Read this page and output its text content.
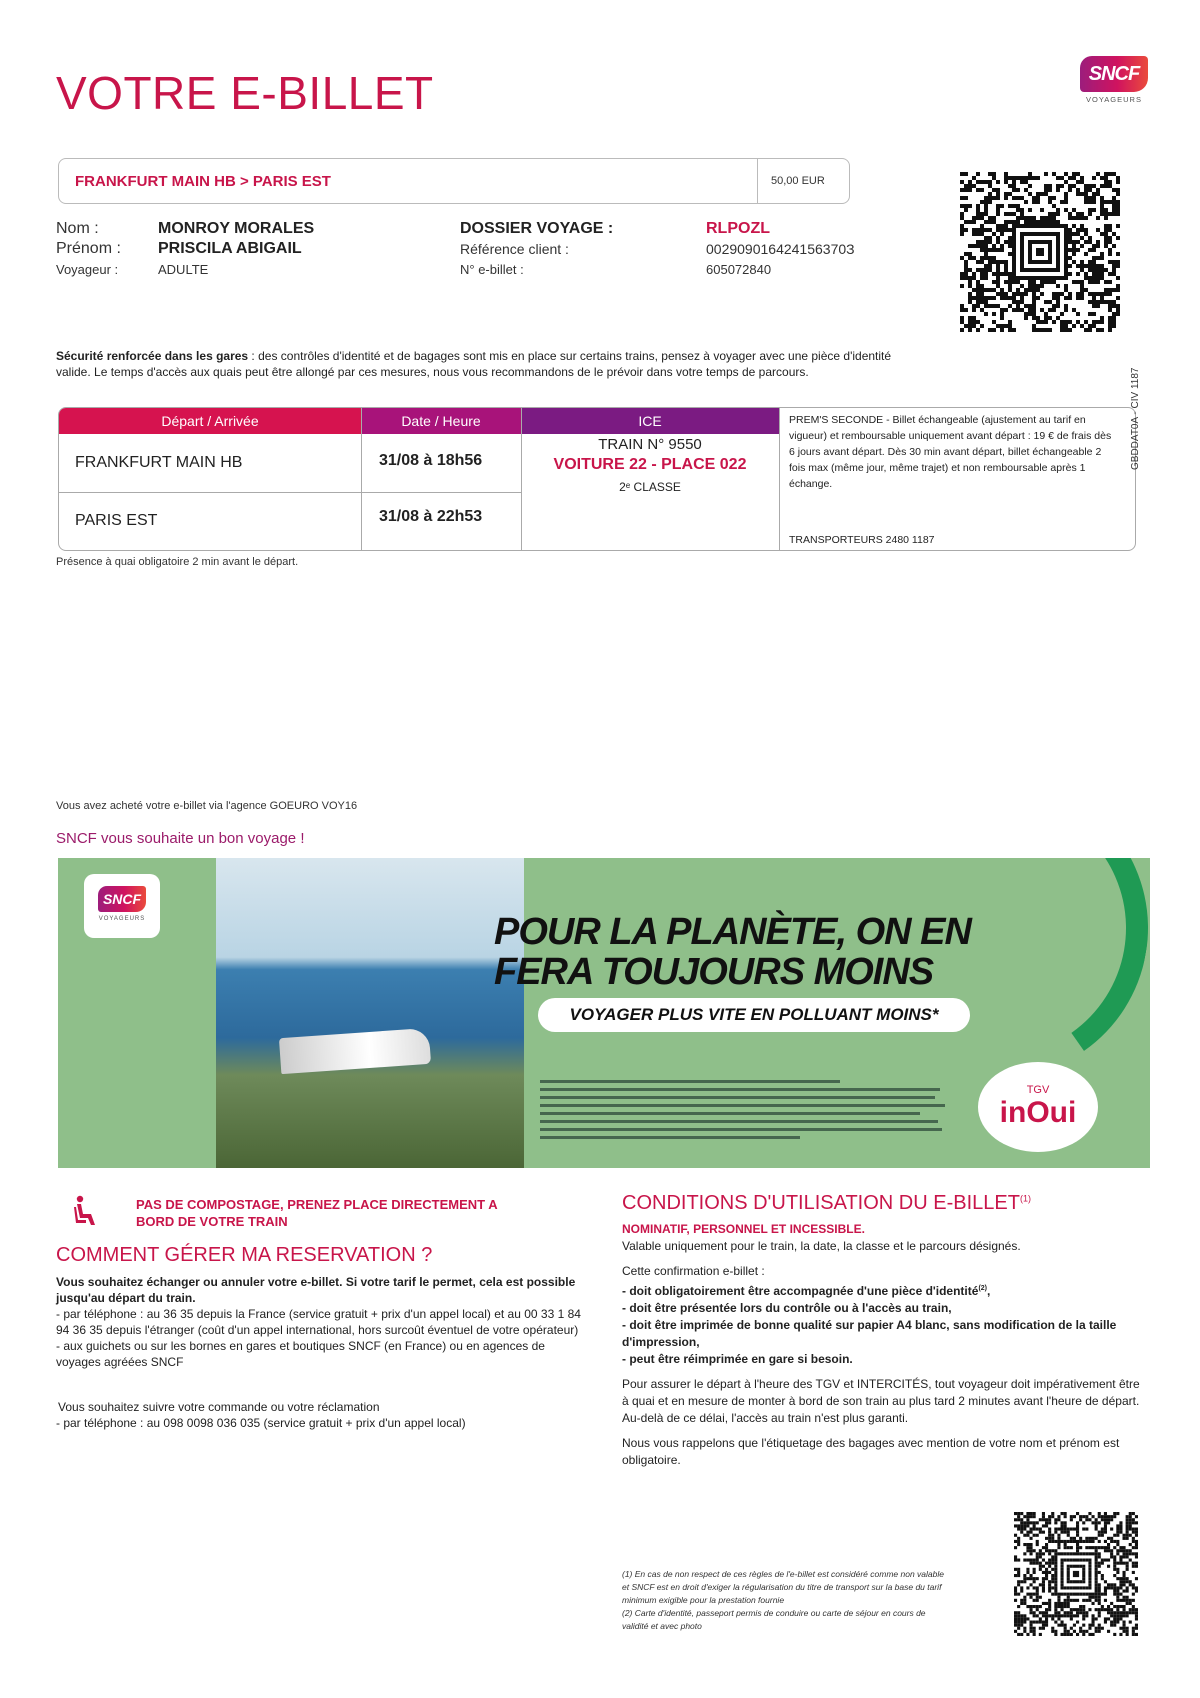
VOTRE E-BILLET	SNCF
VOYAGEURS
FRANKFURT MAIN HB > PARIS EST	50,00 EUR
Nom :	MONROY MORALES
Prénom : PRISCILA ABIGAIL
Voyageur :	ADULTE
DOSSIER VOYAGE :	RLPOZL
Référence client :	002909016424156370З
N° e-billet :	605072840
Sécurité renforcée dans les gares : des contrôles d'identité et de bagages sont mis en place sur certains trains, pensez à voyager avec une pièce d'identité valide. Le temps d'accès aux quais peut être allongé par ces mesures, nous vous recommandons de le prévoir dans votre temps de parcours.
Départ / Arrivée	Date / Heure	ICE
FRANKFURT MAIN HB	31/08 à 18h56
PARIS EST	31/08 à 22h53
TRAIN N° 9550
VOITURE 22 - PLACE 022
2ᵉ CLASSE
PREM'S SECONDE - Billet échangeable (ajustement au tarif en vigueur) et remboursable uniquement avant départ : 19 € de frais dès 6 jours avant départ. Dès 30 min avant départ, billet échangeable 2 fois max (même jour, même trajet) et non remboursable après 1 échange.
TRANSPORTEURS 2480 1187
GBDDAT0A - CIV 1187
Présence à quai obligatoire 2 min avant le départ.
Vous avez acheté votre e-billet via l'agence GOEURO VOY16
SNCF vous souhaite un bon voyage !
SNCF
VOYAGEURS	POUR LA PLANÈTE, ON EN
FERA TOUJOURS MOINS
VOYAGER PLUS VITE EN POLLUANT MOINS*
TGV
inOui
PAS DE COMPOSTAGE, PRENEZ PLACE DIRECTEMENT A BORD DE VOTRE TRAIN
COMMENT GÉRER MA RESERVATION ?
Vous souhaitez échanger ou annuler votre e-billet. Si votre tarif le permet, cela est possible jusqu'au départ du train.
- par téléphone : au 36 35 depuis la France (service gratuit + prix d'un appel local) et au 00 33 1 84 94 36 35 depuis l'étranger (coût d'un appel international, hors surcoût éventuel de votre opérateur)
- aux guichets ou sur les bornes en gares et boutiques SNCF (en France) ou en agences de voyages agréées SNCF
Vous souhaitez suivre votre commande ou votre réclamation
- par téléphone : au 098 0098 036 035 (service gratuit + prix d'un appel local)
CONDITIONS D'UTILISATION DU E-BILLET$^{(1)}$
NOMINATIF, PERSONNEL ET INCESSIBLE.
Valable uniquement pour le train, la date, la classe et le parcours désignés.
Cette confirmation e-billet :
- doit obligatoirement être accompagnée d'une pièce d'identité$^{(2)}$,
- doit être présentée lors du contrôle ou à l'accès au train,
- doit être imprimée de bonne qualité sur papier A4 blanc, sans modification de la taille d'impression,
- peut être réimprimée en gare si besoin.
Pour assurer le départ à l'heure des TGV et INTERCITÉS, tout voyageur doit impérativement être à quai et en mesure de monter à bord de son train au plus tard 2 minutes avant l'heure de départ.
Au-delà de ce délai, l'accès au train n'est plus garanti.
Nous vous rappelons que l'étiquetage des bagages avec mention de votre nom et prénom est obligatoire.
(1) En cas de non respect de ces règles de l'e-billet est considéré comme non valable et SNCF est en droit d'exiger la régularisation du titre de transport sur la base du tarif minimum exigible pour la prestation fournie
(2) Carte d'identité, passeport permis de conduire ou carte de séjour en cours de validité et avec photo
